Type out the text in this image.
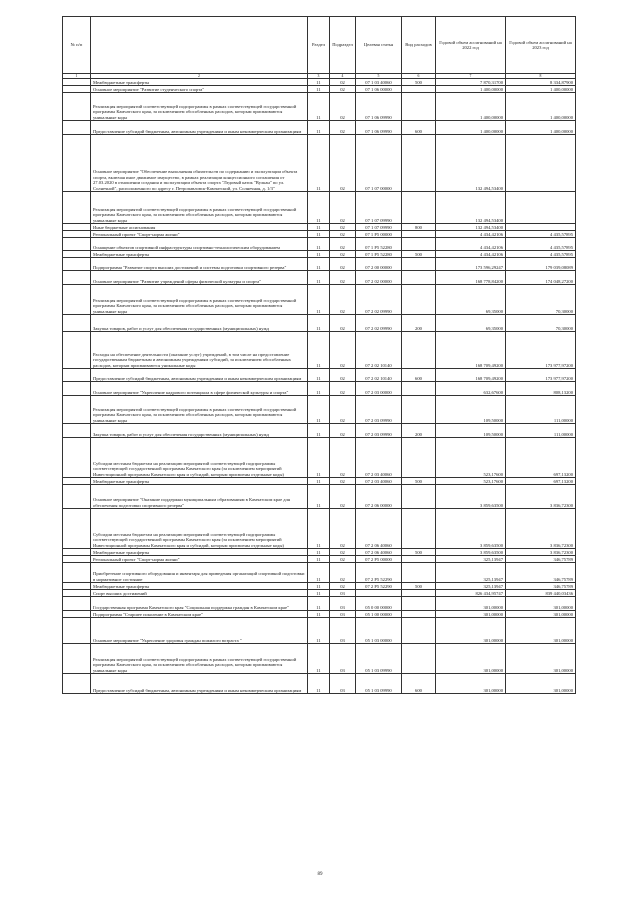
№ п/п		Раздел	Подраздел	Целевая статья	Вид расходов	Годовой объем ассигнований на 2022 год	Годовой объем ассигнований на 2023 год
1	2	3	4	5	6	7	8
	Межбюджетные трансферты	11	02	07 1 03 40060	500	7 870,31700	8 334,87900
	Основное мероприятие "Развитие студенческого спорта"	11	02	07 1 06 00000		1 400,00000	1 400,00000
	Реализация мероприятий соответствующей подпрограммы в рамках соответствующей государственной программы Камчатского края, за исключением обособленных расходов, которым присваиваются уникальные коды	11	02	07 1 06 09990		1 400,00000	1 400,00000
	Предоставление субсидий бюджетным, автономным учреждениям и иным некоммерческим организациям	11	02	07 1 06 09990	600	1 400,00000	1 400,00000
	Основное мероприятие "Обеспечение выполнения обязательств по содержанию и эксплуатации объекта спорта, включая иное движимое имущество, в рамках реализации концессионного соглашения от 27.03.2020 в отношении создания и эксплуатации объекта спорта "Ледовый каток "Вулкан" по ул. Солнечной", расположенного по адресу г. Петропавловск-Камчатский, ул. Солнечная, д. 1/3"	11	02	07 1 07 00000		132 494,53400	
	Реализация мероприятий соответствующей подпрограммы в рамках соответствующей государственной программы Камчатского края, за исключением обособленных расходов, которым присваиваются уникальные коды	11	02	07 1 07 09990		132 494,53400	
	Иные бюджетные ассигнования	11	02	07 1 07 09990	800	132 494,53400	
	Региональный проект "Спорт-норма жизни"	11	02	07 1 P5 00000		4 434,42106	4 435,57895
	Оснащение объектов спортивной инфраструктуры спортивно-технологическим оборудованием	11	02	07 1 P5 52280		4 434,42106	4 435,57895
	Межбюджетные трансферты	11	02	07 1 P5 52280	500	4 434,42106	4 435,57895
	Подпрограмма "Развитие спорта высших достижений и системы подготовки спортивного резерва"	11	02	07 2 00 00000		173 596,29247	179 039,08089
	Основное мероприятие "Развитие учреждений сферы физической культуры и спорта"	11	02	07 2 02 00000		168 778,84200	174 048,27200
	Реализация мероприятий соответствующей подпрограммы в рамках соответствующей государственной программы Камчатского края, за исключением обособленных расходов, которым присваиваются уникальные коды	11	02	07 2 02 09990		69,35000	70,30000
	Закупка товаров, работ и услуг для обеспечения государственных (муниципальных) нужд	11	02	07 2 02 09990	200	69,35000	70,30000
	Расходы на обеспечение деятельности (оказание услуг) учреждений, в том числе на предоставление государственным бюджетным и автономным учреждениям субсидий, за исключением обособленных расходов, которым присваиваются уникальные коды	11	02	07 2 02 10140		168 709,49200	173 977,97200
	Предоставление субсидий бюджетным, автономным учреждениям и иным некоммерческим организациям	11	02	07 2 02 10140	600	168 709,49200	173 977,97200
	Основное мероприятие "Укрепление кадрового потенциала в сфере физической культуры и спорта"	11	02	07 2 03 00000		632,67600	808,13200
	Реализация мероприятий соответствующей подпрограммы в рамках соответствующей государственной программы Камчатского края, за исключением обособленных расходов, которым присваиваются уникальные коды	11	02	07 2 03 09990		109,50000	111,00000
	Закупка товаров, работ и услуг для обеспечения государственных (муниципальных) нужд	11	02	07 2 03 09990	200	109,50000	111,00000
	Субсидии местным бюджетам на реализацию мероприятий соответствующей подпрограммы соответствующей государственной программы Камчатского края (за исключением мероприятий Инвестиционной программы Камчатского края и субсидий, которым присвоены отдельные коды)	11	02	07 2 03 40060		523,17600	697,13200
	Межбюджетные трансферты	11	02	07 2 03 40060	500	523,17600	697,13200
	Основное мероприятие "Оказание поддержки муниципальным образованиям в Камчатском крае для обеспечения подготовки спортивного резерва"	11	02	07 2 06 00000		3 859,63500	3 836,72300
	Субсидии местным бюджетам на реализацию мероприятий соответствующей подпрограммы соответствующей государственной программы Камчатского края (за исключением мероприятий Инвестиционной программы Камчатского края и субсидий, которым присвоены отдельные коды)	11	02	07 2 06 40060		3 859,63500	3 836,72300
	Межбюджетные трансферты	11	02	07 2 06 40060	500	3 859,63500	3 836,72300
	Региональный проект "Спорт-норма жизни"	11	02	07 2 P5 00000		325,13947	346,75789
	Приобретение спортивного оборудования и инвентаря для приведения организаций спортивной подготовки в нормативное состояние	11	02	07 2 P5 52290		325,13947	346,75789
	Межбюджетные трансферты	11	02	07 2 P5 52290	500	325,13947	346,75789
	Спорт высших достижений	11	03			826 434,95747	839 440,03436
	Государственная программа Камчатского края "Социальная поддержка граждан в Камчатском крае"	11	03	05 0 00 00000		301,00000	301,00000
	Подпрограмма "Старшее поколение в Камчатском крае"	11	03	05 1 00 00000		301,00000	301,00000
	Основное мероприятие "Укрепление здоровья граждан пожилого возраста "	11	03	05 1 03 00000		301,00000	301,00000
	Реализация мероприятий соответствующей подпрограммы в рамках соответствующей государственной программы Камчатского края, за исключением обособленных расходов, которым присваиваются уникальные коды	11	03	05 1 03 09990		301,00000	301,00000
	Предоставление субсидий бюджетным, автономным учреждениям и иным некоммерческим организациям	11	03	05 1 03 09990	600	301,00000	301,00000
89
